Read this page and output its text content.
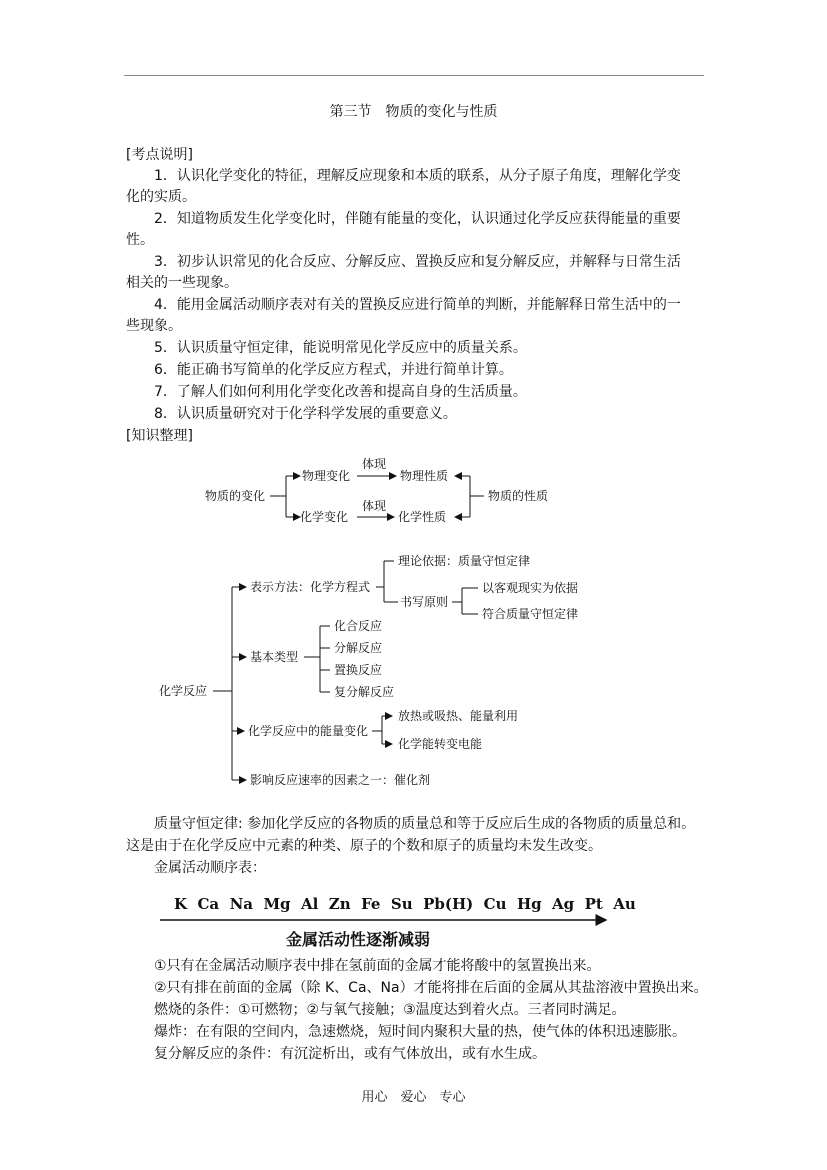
第三节　物质的变化与性质
[考点说明]
1．认识化学变化的特征，理解反应现象和本质的联系，从分子原子角度，理解化学变
化的实质。
2．知道物质发生化学变化时，伴随有能量的变化，认识通过化学反应获得能量的重要
性。
3．初步认识常见的化合反应、分解反应、置换反应和复分解反应，并解释与日常生活
相关的一些现象。
4．能用金属活动顺序表对有关的置换反应进行简单的判断，并能解释日常生活中的一
些现象。
5．认识质量守恒定律，能说明常见化学反应中的质量关系。
6．能正确书写简单的化学反应方程式，并进行简单计算。
7．了解人们如何利用化学变化改善和提高自身的生活质量。
8．认识质量研究对于化学科学发展的重要意义。
[知识整理]
物质的变化
物理变化
化学变化
体现
体现
物理性质
化学性质
物质的性质
化学反应
表示方法：化学方程式
理论依据：质量守恒定律
书写原则
以客观现实为依据
符合质量守恒定律
基本类型
化合反应
分解反应
置换反应
复分解反应
化学反应中的能量变化
放热或吸热、能量利用
化学能转变电能
影响反应速率的因素之一：催化剂
K  Ca  Na  Mg  Al  Zn  Fe  Su  Pb(H)  Cu  Hg  Ag  Pt  Au
金属活动性逐渐减弱
质量守恒定律: 参加化学反应的各物质的质量总和等于反应后生成的各物质的质量总和。
这是由于在化学反应中元素的种类、原子的个数和原子的质量均未发生改变。
金属活动顺序表：
①只有在金属活动顺序表中排在氢前面的金属才能将酸中的氢置换出来。
②只有排在前面的金属（除 K、Ca、Na）才能将排在后面的金属从其盐溶液中置换出来。
燃烧的条件：①可燃物；②与氧气接触；③温度达到着火点。三者同时满足。
爆炸：在有限的空间内，急速燃烧，短时间内聚积大量的热，使气体的体积迅速膨胀。
复分解反应的条件：有沉淀析出，或有气体放出，或有水生成。
用心　爱心　专心
